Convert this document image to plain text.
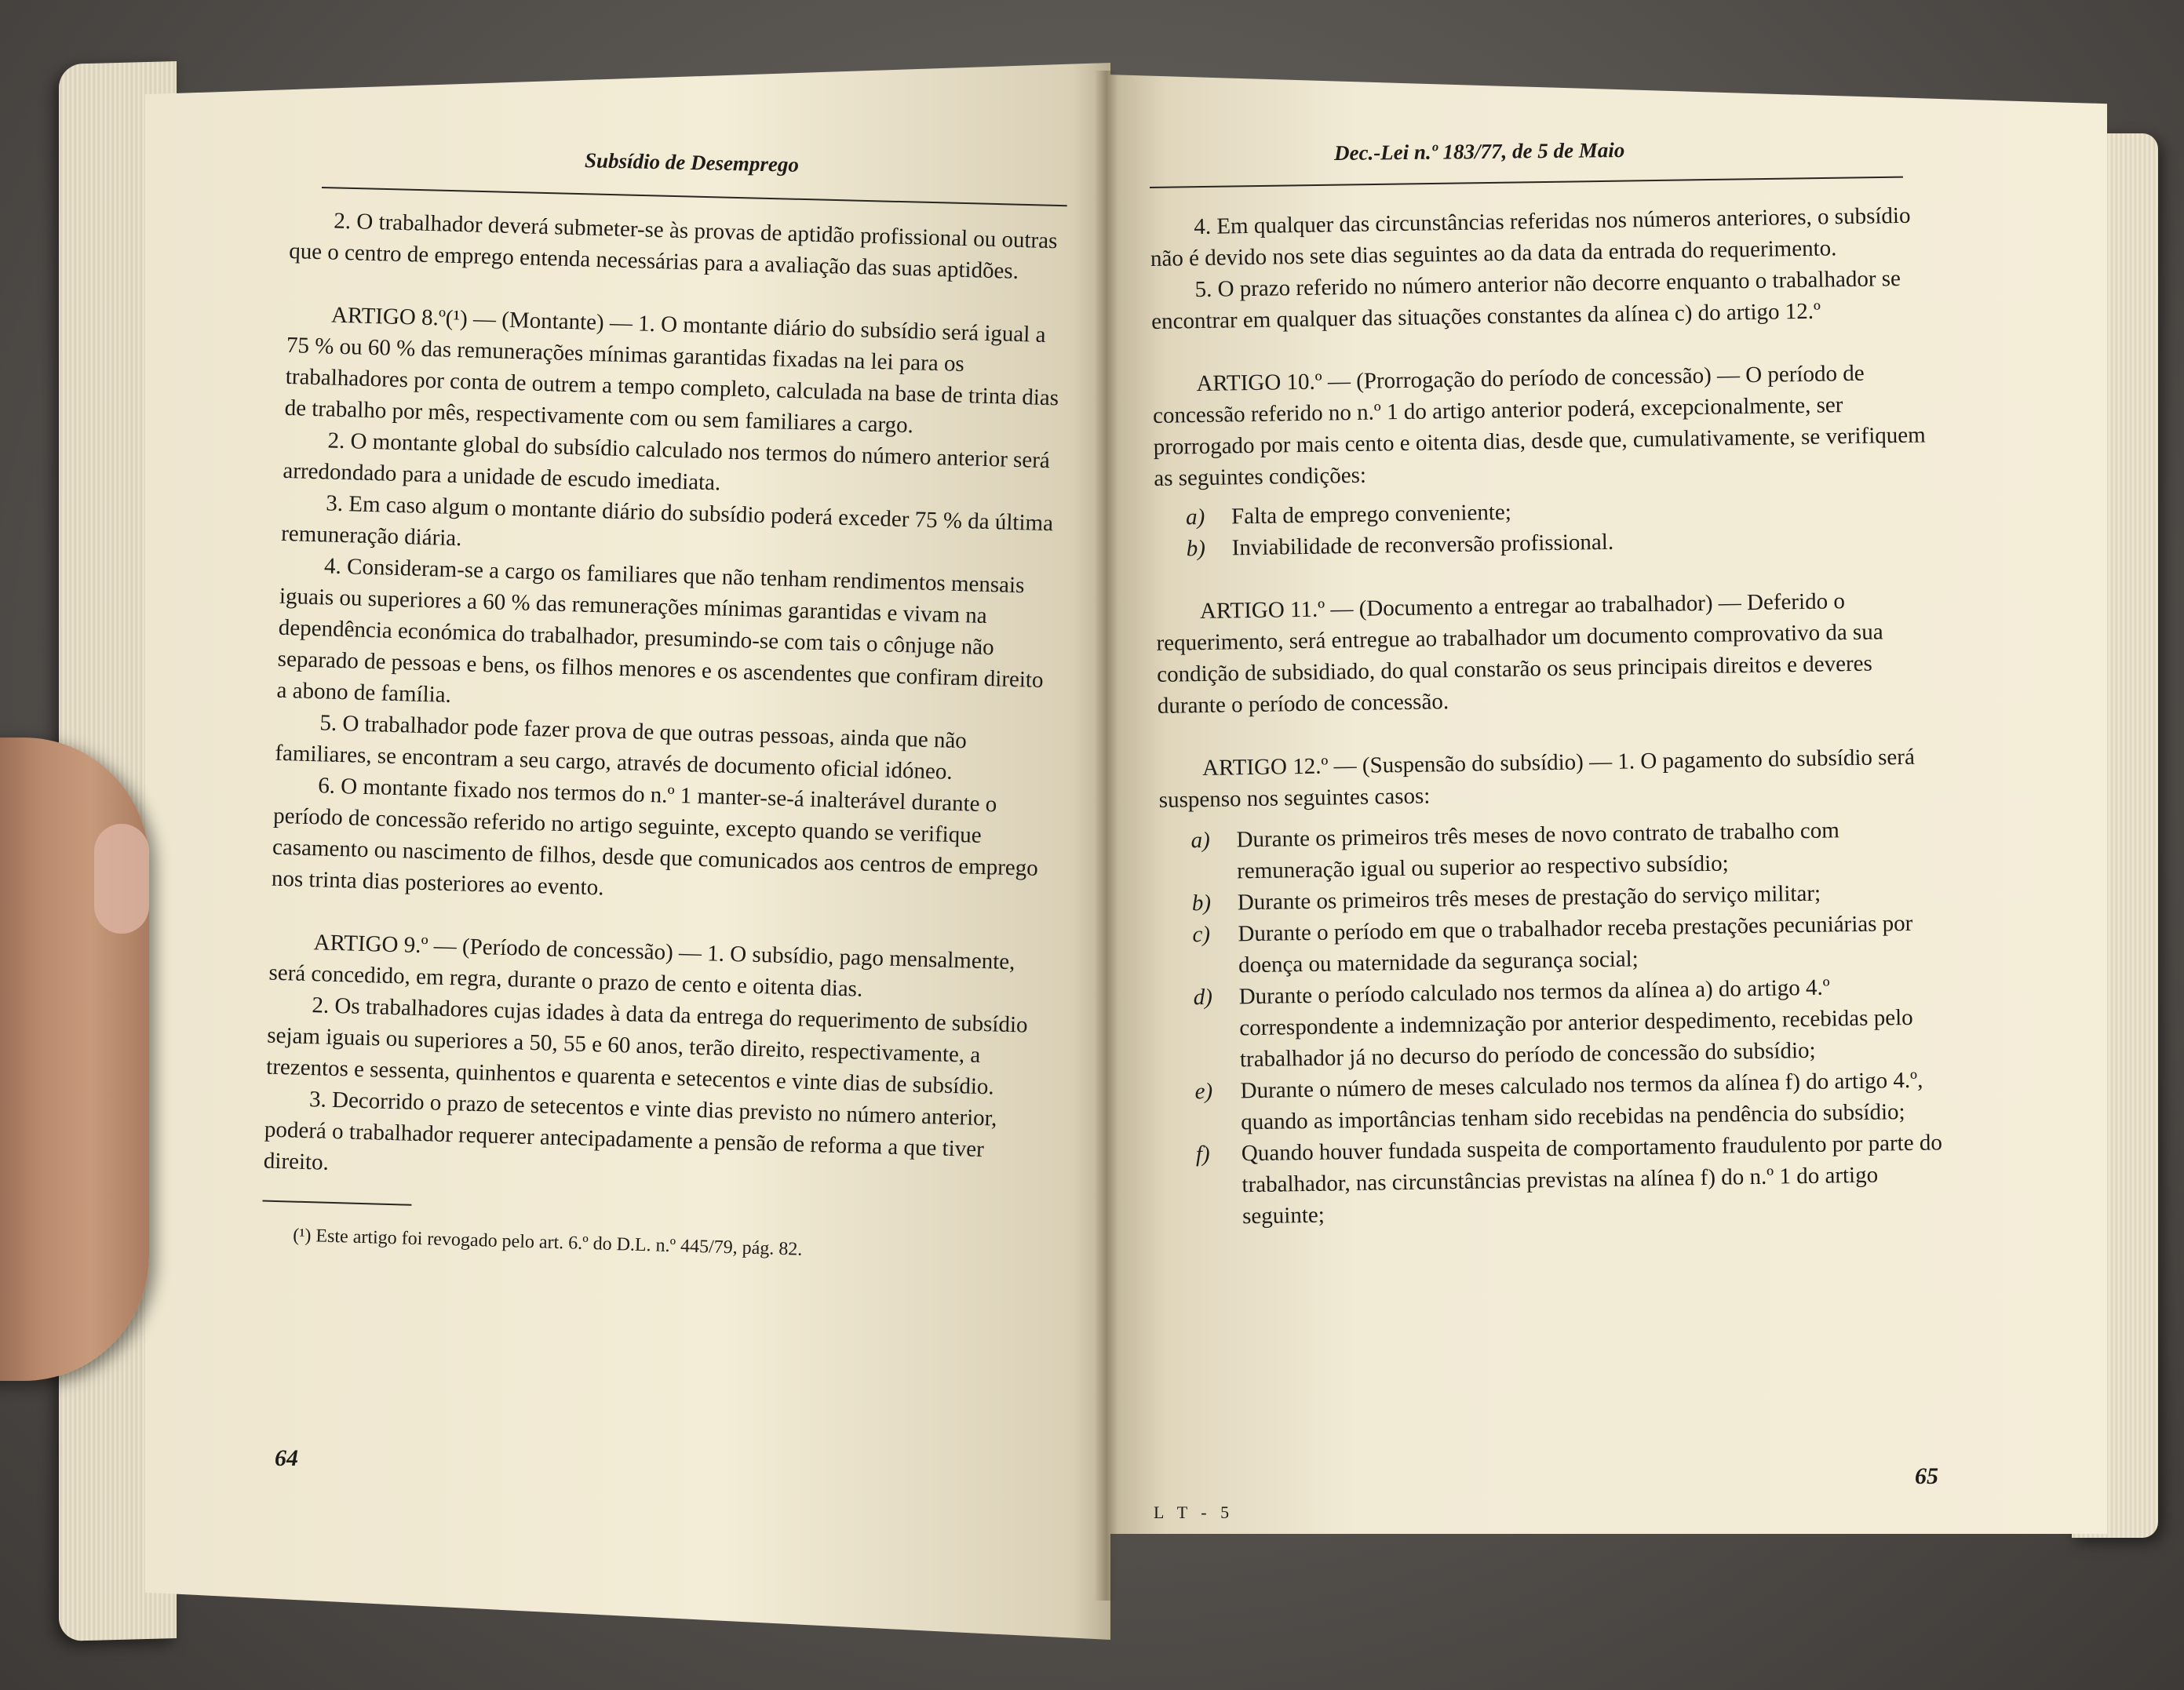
Subsídio de Desemprego

2. O trabalhador deverá submeter-se às provas de aptidão profissional ou outras que o centro de emprego entenda necessárias para a avaliação das suas aptidões.

ARTIGO 8.º(¹) — (Montante) — 1. O montante diário do subsídio será igual a 75 % ou 60 % das remunerações mínimas garantidas fixadas na lei para os trabalhadores por conta de outrem a tempo completo, calculada na base de trinta dias de trabalho por mês, respectivamente com ou sem familiares a cargo.

2. O montante global do subsídio calculado nos termos do número anterior será arredondado para a unidade de escudo imediata.

3. Em caso algum o montante diário do subsídio poderá exceder 75 % da última remuneração diária.

4. Consideram-se a cargo os familiares que não tenham rendimentos mensais iguais ou superiores a 60 % das remunerações mínimas garantidas e vivam na dependência económica do trabalhador, presumindo-se com tais o cônjuge não separado de pessoas e bens, os filhos menores e os ascendentes que confiram direito a abono de família.

5. O trabalhador pode fazer prova de que outras pessoas, ainda que não familiares, se encontram a seu cargo, através de documento oficial idóneo.

6. O montante fixado nos termos do n.º 1 manter-se-á inalterável durante o período de concessão referido no artigo seguinte, excepto quando se verifique casamento ou nascimento de filhos, desde que comunicados aos centros de emprego nos trinta dias posteriores ao evento.

ARTIGO 9.º — (Período de concessão) — 1. O subsídio, pago mensalmente, será concedido, em regra, durante o prazo de cento e oitenta dias.

2. Os trabalhadores cujas idades à data da entrega do requerimento de subsídio sejam iguais ou superiores a 50, 55 e 60 anos, terão direito, respectivamente, a trezentos e sessenta, quinhentos e quarenta e setecentos e vinte dias de subsídio.

3. Decorrido o prazo de setecentos e vinte dias previsto no número anterior, poderá o trabalhador requerer antecipadamente a pensão de reforma a que tiver direito.

(¹) Este artigo foi revogado pelo art. 6.º do D.L. n.º 445/79, pág. 82.

64
Dec.-Lei n.º 183/77, de 5 de Maio

4. Em qualquer das circunstâncias referidas nos números anteriores, o subsídio não é devido nos sete dias seguintes ao da data da entrada do requerimento.

5. O prazo referido no número anterior não decorre enquanto o trabalhador se encontrar em qualquer das situações constantes da alínea c) do artigo 12.º

ARTIGO 10.º — (Prorrogação do período de concessão) — O período de concessão referido no n.º 1 do artigo anterior poderá, excepcionalmente, ser prorrogado por mais cento e oitenta dias, desde que, cumulativamente, se verifiquem as seguintes condições:

a)	Falta de emprego conveniente;
b)	Inviabilidade de reconversão profissional.

ARTIGO 11.º — (Documento a entregar ao trabalhador) — Deferido o requerimento, será entregue ao trabalhador um documento comprovativo da sua condição de subsidiado, do qual constarão os seus principais direitos e deveres durante o período de concessão.

ARTIGO 12.º — (Suspensão do subsídio) — 1. O pagamento do subsídio será suspenso nos seguintes casos:

a)	Durante os primeiros três meses de novo contrato de trabalho com remuneração igual ou superior ao respectivo subsídio;
b)	Durante os primeiros três meses de prestação do serviço militar;
c)	Durante o período em que o trabalhador receba prestações pecuniárias por doença ou maternidade da segurança social;
d)	Durante o período calculado nos termos da alínea a) do artigo 4.º correspondente a indemnização por anterior despedimento, recebidas pelo trabalhador já no decurso do período de concessão do subsídio;
e)	Durante o número de meses calculado nos termos da alínea f) do artigo 4.º, quando as importâncias tenham sido recebidas na pendência do subsídio;
f)	Quando houver fundada suspeita de comportamento fraudulento por parte do trabalhador, nas circunstâncias previstas na alínea f) do n.º 1 do artigo seguinte;
L T - 5
65
